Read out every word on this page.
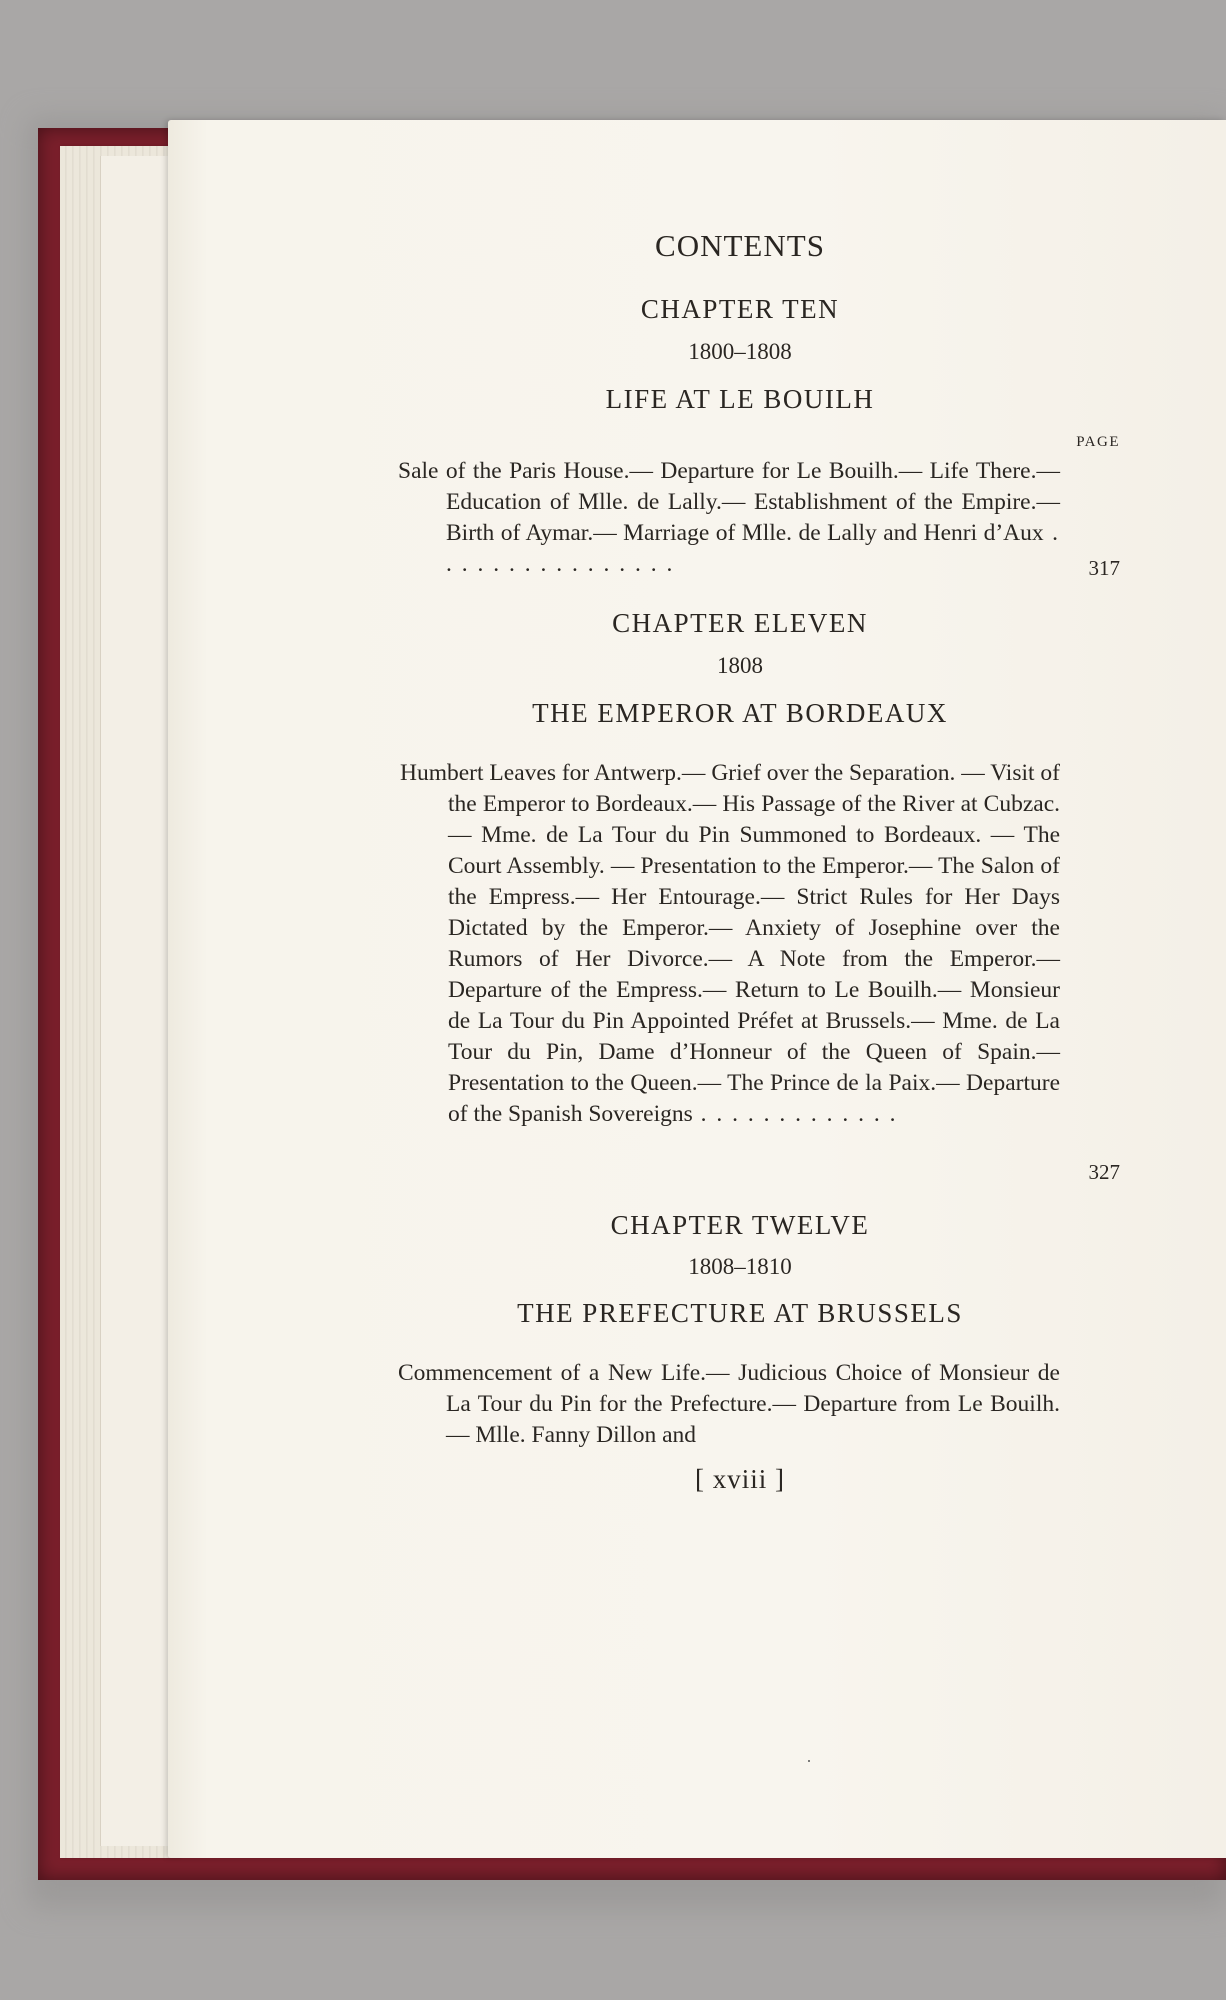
CONTENTS
CHAPTER TEN
1800–1808
LIFE AT LE BOUILH
PAGE

Sale of the Paris House.— Departure for Le Bouilh.— Life There.— Education of Mlle. de Lally.— Establishment of the Empire.— Birth of Aymar.— Marriage of Mlle. de Lally and Henri d’Aux . . . . . . . . . . . . . . . .	317
CHAPTER ELEVEN
1808
THE EMPEROR AT BORDEAUX

Humbert Leaves for Antwerp.— Grief over the Separation. — Visit of the Emperor to Bordeaux.— His Passage of the River at Cubzac.— Mme. de La Tour du Pin Summoned to Bordeaux. — The Court Assembly. — Presentation to the Emperor.— The Salon of the Empress.— Her Entourage.— Strict Rules for Her Days Dictated by the Emperor.— Anxiety of Josephine over the Rumors of Her Divorce.— A Note from the Emperor.— Departure of the Empress.— Return to Le Bouilh.— Monsieur de La Tour du Pin Appointed Préfet at Brussels.— Mme. de La Tour du Pin, Dame d’Honneur of the Queen of Spain.— Presentation to the Queen.— The Prince de la Paix.— Departure of the Spanish Sovereigns . . . . . . . . . . . . .

327
CHAPTER TWELVE
1808–1810
THE PREFECTURE AT BRUSSELS

Commencement of a New Life.— Judicious Choice of Monsieur de La Tour du Pin for the Prefecture.— Departure from Le Bouilh.— Mlle. Fanny Dillon and

[ xviii ]
